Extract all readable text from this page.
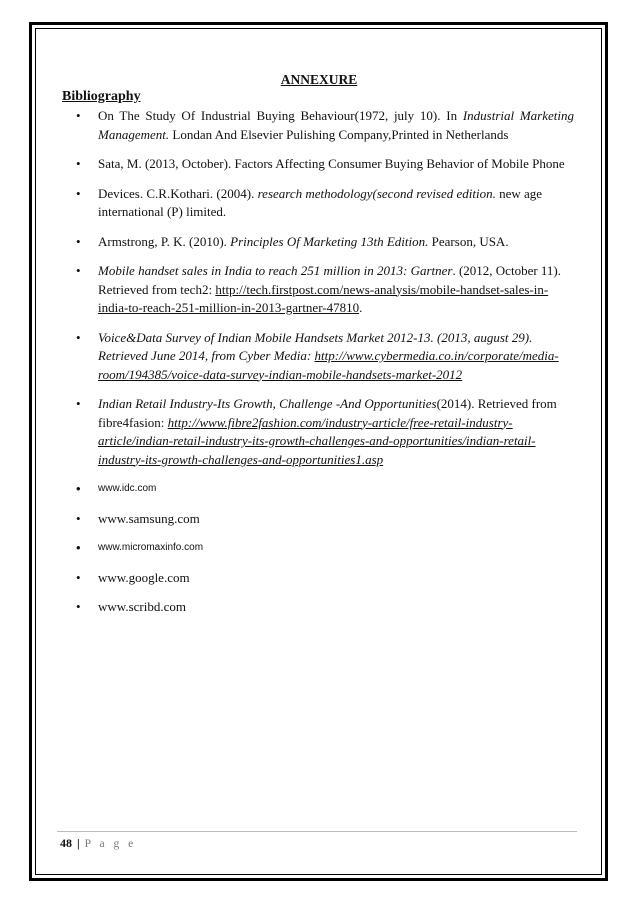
ANNEXURE
Bibliography
• On The Study Of Industrial Buying Behaviour(1972, july 10). In Industrial Marketing Management. Londan And Elsevier Pulishing Company,Printed in Netherlands
• Sata, M. (2013, October). Factors Affecting Consumer Buying Behavior of Mobile Phone
• Devices. C.R.Kothari. (2004). research methodology(second revised edition. new age international (P) limited.
• Armstrong, P. K. (2010). Principles Of Marketing 13th Edition. Pearson, USA.
• Mobile handset sales in India to reach 251 million in 2013: Gartner. (2012, October 11). Retrieved from tech2: http://tech.firstpost.com/news-analysis/mobile-handset-sales-in-india-to-reach-251-million-in-2013-gartner-47810.
• Voice&Data Survey of Indian Mobile Handsets Market 2012-13. (2013, august 29). Retrieved June 2014, from Cyber Media: http://www.cybermedia.co.in/corporate/media-room/194385/voice-data-survey-indian-mobile-handsets-market-2012
• Indian Retail Industry-Its Growth, Challenge -And Opportunities(2014). Retrieved from fibre4fasion: http://www.fibre2fashion.com/industry-article/free-retail-industry-article/indian-retail-industry-its-growth-challenges-and-opportunities/indian-retail-industry-its-growth-challenges-and-opportunities1.asp
• www.idc.com
• www.samsung.com
• www.micromaxinfo.com
• www.google.com
• www.scribd.com
48 | P a g e
